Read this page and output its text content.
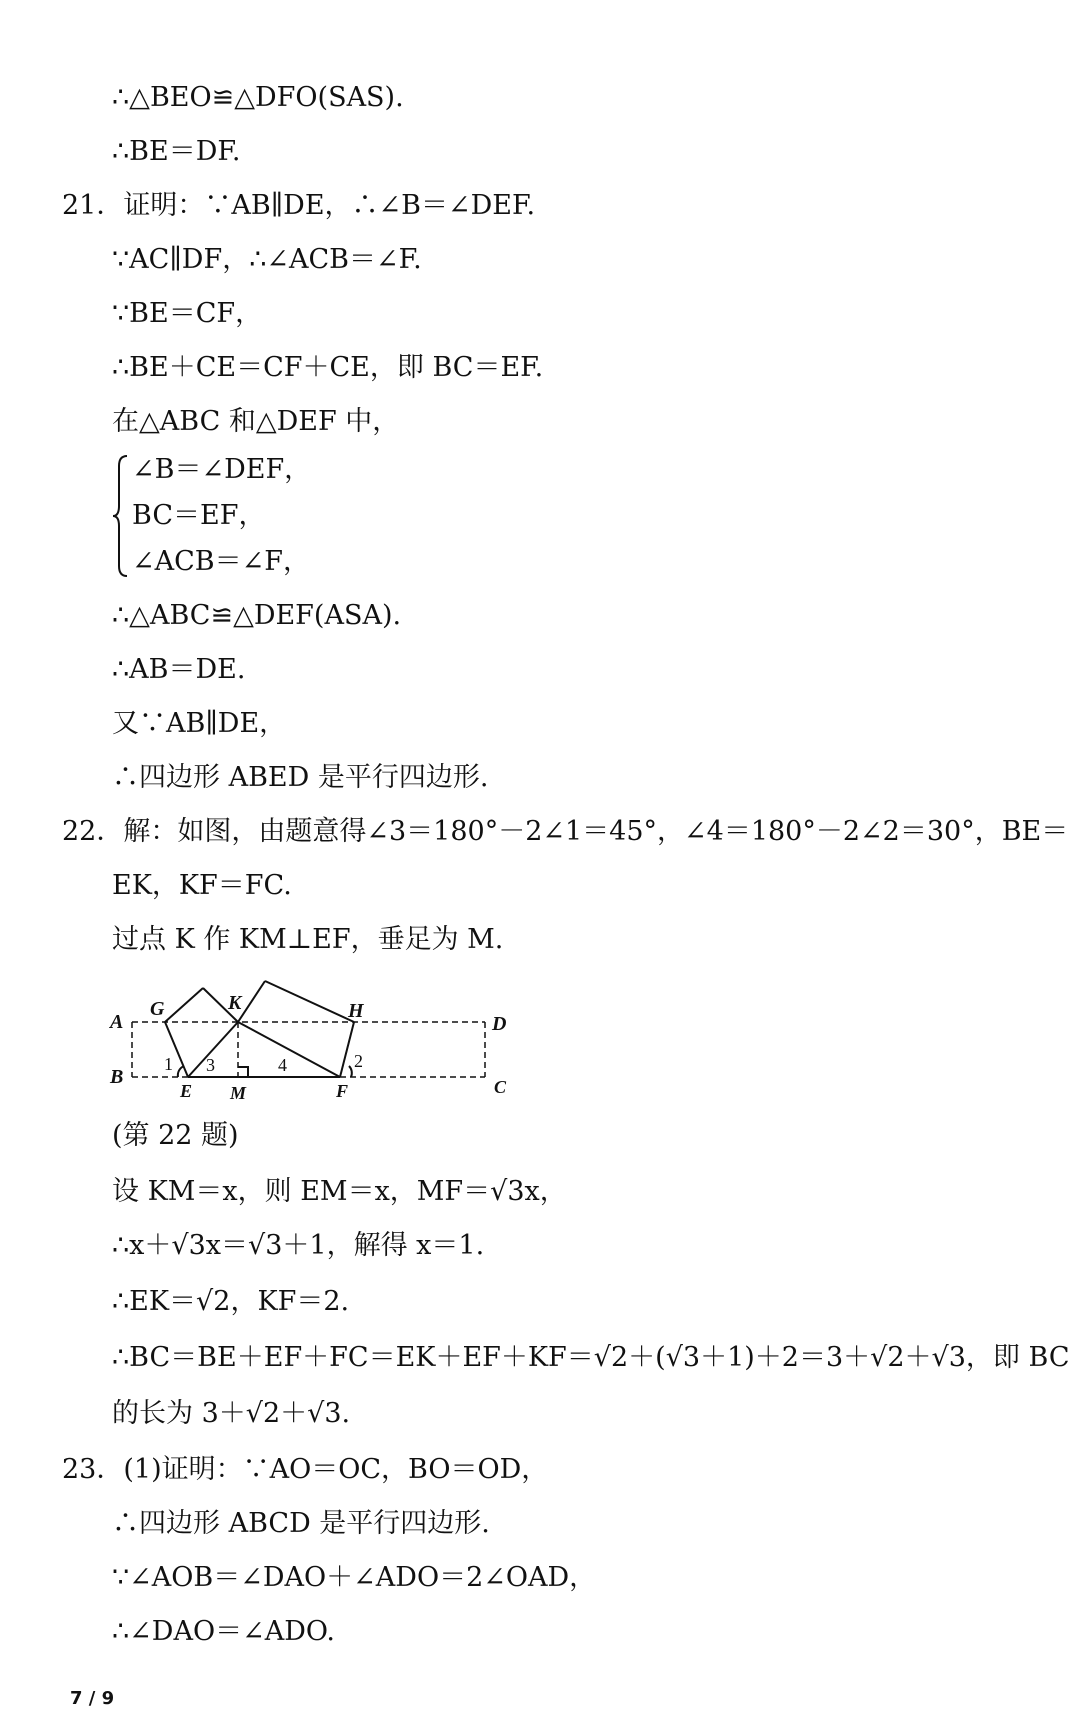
∴△BEO≌△DFO(SAS).
∴BE＝DF.
21．证明：∵AB∥DE，∴∠B＝∠DEF.
∵AC∥DF，∴∠ACB＝∠F.
∵BE＝CF，
∴BE＋CE＝CF＋CE，即 BC＝EF.
在△ABC 和△DEF 中，
∠B＝∠DEF，
BC＝EF，
∠ACB＝∠F，
∴△ABC≌△DEF(ASA).
∴AB＝DE.
又∵AB∥DE，
∴四边形 ABED 是平行四边形.
22．解：如图，由题意得∠3＝180°－2∠1＝45°，∠4＝180°－2∠2＝30°，BE＝
EK，KF＝FC.
过点 K 作 KM⊥EF，垂足为 M.
A
B	C
D
E	F
G	H
K
M
1	2
3	4
(第 22 题)
设 KM＝x，则 EM＝x，MF＝√3x，
∴x＋√3x＝√3＋1，解得 x＝1.
∴EK＝√2，KF＝2.
∴BC＝BE＋EF＋FC＝EK＋EF＋KF＝√2＋(√3＋1)＋2＝3＋√2＋√3，即 BC
的长为 3＋√2＋√3.
23．(1)证明：∵AO＝OC，BO＝OD，
∴四边形 ABCD 是平行四边形.
∵∠AOB＝∠DAO＋∠ADO＝2∠OAD，
∴∠DAO＝∠ADO.
7 / 9
